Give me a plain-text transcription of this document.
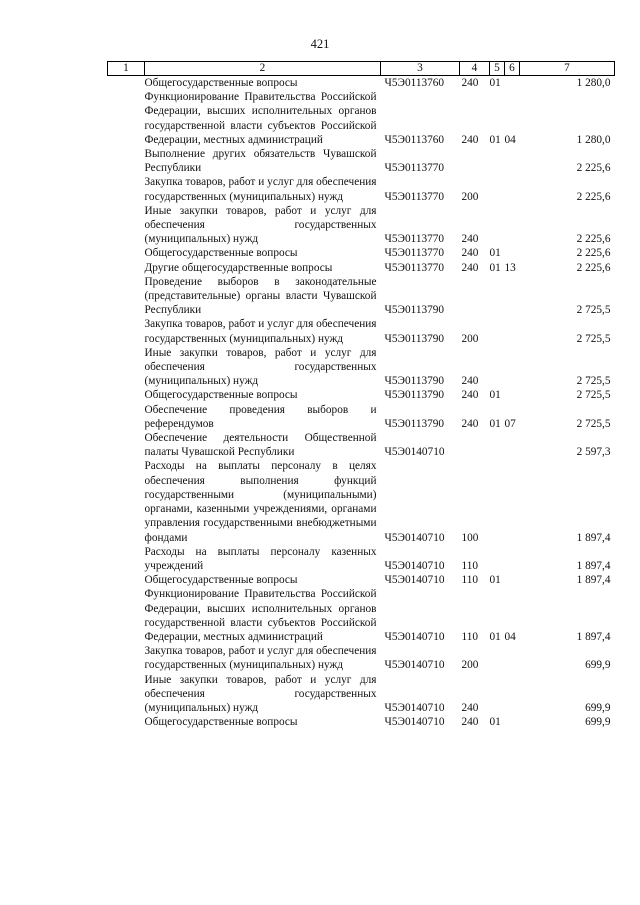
421
1	2	3	4	5	6	7
	Общегосударственные вопросы	Ч5Э0113760	240	01		1 280,0
	Функционирование Правительства Российской Федерации, высших исполнительных органов государственной власти субъектов Российской Федерации, местных администраций	Ч5Э0113760	240	01	04	1 280,0
	Выполнение других обязательств Чувашской Республики	Ч5Э0113770				2 225,6
	Закупка товаров, работ и услуг для обеспечения государственных (муниципальных) нужд	Ч5Э0113770	200			2 225,6
	Иные закупки товаров, работ и услуг для обеспечения государственных (муниципальных) нужд	Ч5Э0113770	240			2 225,6
	Общегосударственные вопросы	Ч5Э0113770	240	01		2 225,6
	Другие общегосударственные вопросы	Ч5Э0113770	240	01	13	2 225,6
	Проведение выборов в законодательные (представительные) органы власти Чувашской Республики	Ч5Э0113790				2 725,5
	Закупка товаров, работ и услуг для обеспечения государственных (муниципальных) нужд	Ч5Э0113790	200			2 725,5
	Иные закупки товаров, работ и услуг для обеспечения государственных (муниципальных) нужд	Ч5Э0113790	240			2 725,5
	Общегосударственные вопросы	Ч5Э0113790	240	01		2 725,5
	Обеспечение проведения выборов и референдумов	Ч5Э0113790	240	01	07	2 725,5
	Обеспечение деятельности Общественной палаты Чувашской Республики	Ч5Э0140710				2 597,3
	Расходы на выплаты персоналу в целях обеспечения выполнения функций государственными (муниципальными) органами, казенными учреждениями, органами управления государственными внебюджетными фондами	Ч5Э0140710	100			1 897,4
	Расходы на выплаты персоналу казенных учреждений	Ч5Э0140710	110			1 897,4
	Общегосударственные вопросы	Ч5Э0140710	110	01		1 897,4
	Функционирование Правительства Российской Федерации, высших исполнительных органов государственной власти субъектов Российской Федерации, местных администраций	Ч5Э0140710	110	01	04	1 897,4
	Закупка товаров, работ и услуг для обеспечения государственных (муниципальных) нужд	Ч5Э0140710	200			699,9
	Иные закупки товаров, работ и услуг для обеспечения государственных (муниципальных) нужд	Ч5Э0140710	240			699,9
	Общегосударственные вопросы	Ч5Э0140710	240	01		699,9
